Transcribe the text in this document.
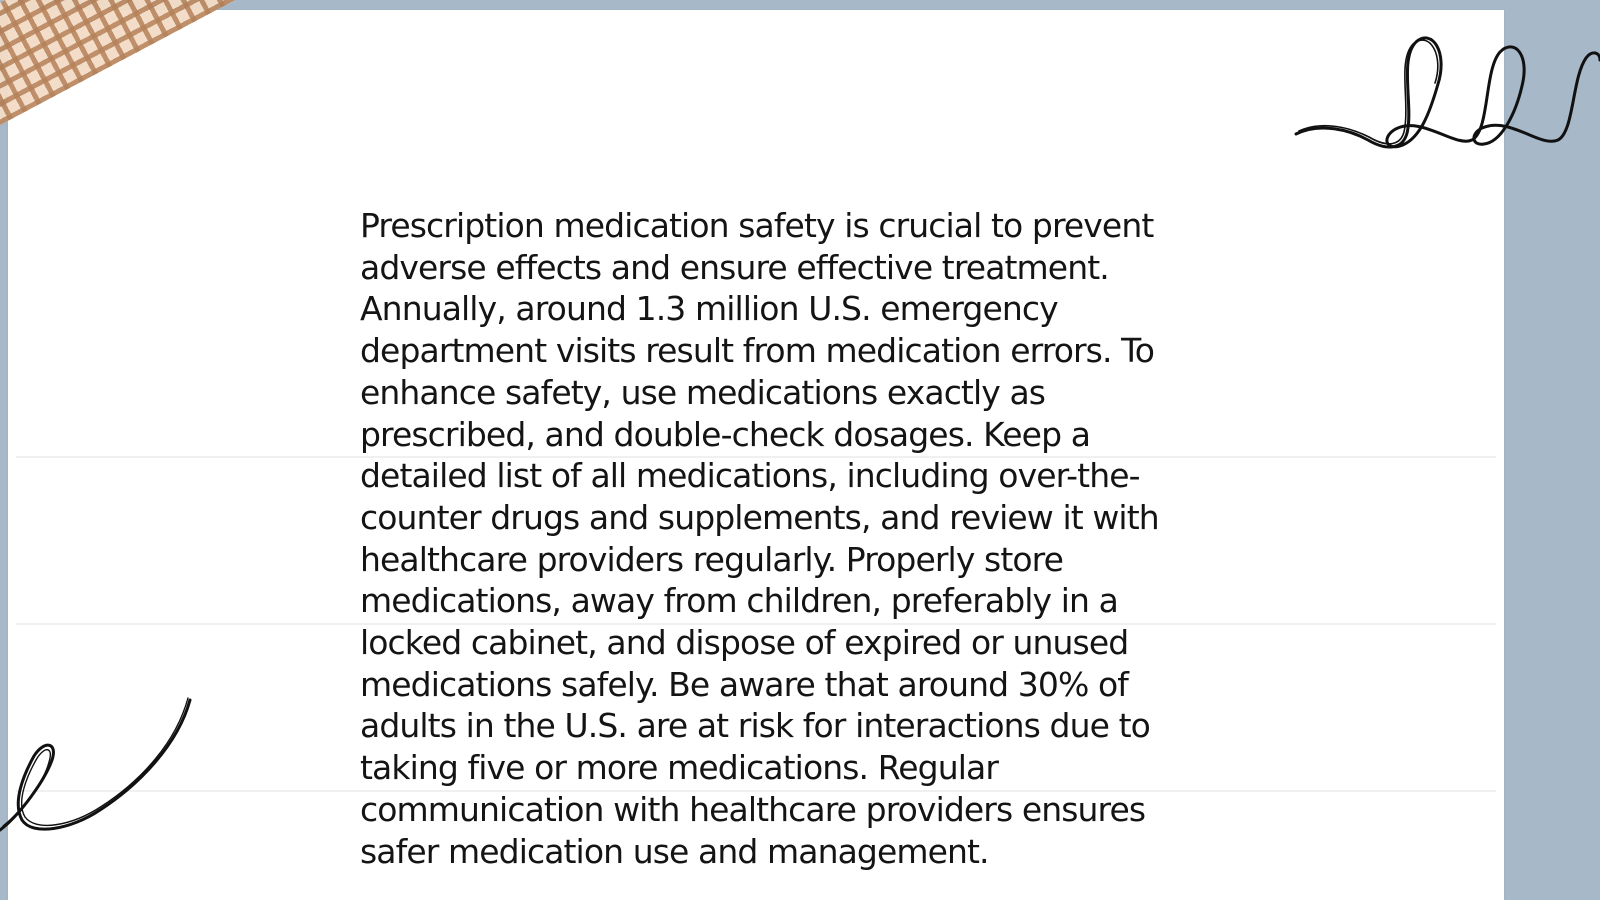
Prescription medication safety is crucial to prevent
adverse effects and ensure effective treatment.
Annually, around 1.3 million U.S. emergency
department visits result from medication errors. To
enhance safety, use medications exactly as
prescribed, and double-check dosages. Keep a
detailed list of all medications, including over-the-
counter drugs and supplements, and review it with
healthcare providers regularly. Properly store
medications, away from children, preferably in a
locked cabinet, and dispose of expired or unused
medications safely. Be aware that around 30% of
adults in the U.S. are at risk for interactions due to
taking five or more medications. Regular
communication with healthcare providers ensures
safer medication use and management.
